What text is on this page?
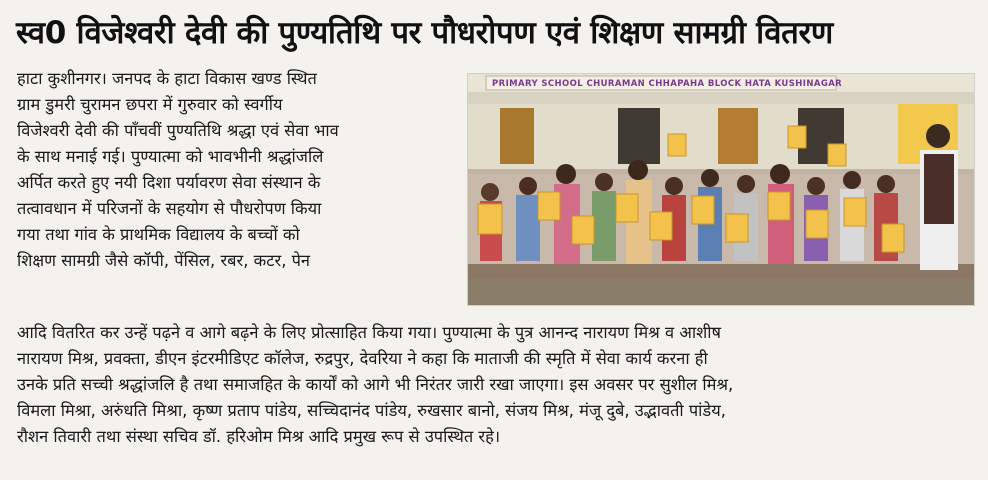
स्व0 विजेश्वरी देवी की पुण्यतिथि पर पौधरोपण एवं शिक्षण सामग्री वितरण
हाटा कुशीनगर। जनपद के हाटा विकास खण्ड स्थित
ग्राम डुमरी चुरामन छपरा में गुरुवार को स्वर्गीय
विजेश्वरी देवी की पाँचवीं पुण्यतिथि श्रद्धा एवं सेवा भाव
के साथ मनाई गई। पुण्यात्मा को भावभीनी श्रद्धांजलि
अर्पित करते हुए नयी दिशा पर्यावरण सेवा संस्थान के
तत्वावधान में परिजनों के सहयोग से पौधरोपण किया
गया तथा गांव के प्राथमिक विद्यालय के बच्चों को
शिक्षण सामग्री जैसे कॉपी, पेंसिल, रबर, कटर, पेन
PRIMARY SCHOOL CHURAMAN CHHAPAHA BLOCK HATA KUSHINAGAR
आदि वितरित कर उन्हें पढ़ने व आगे बढ़ने के लिए प्रोत्साहित किया गया। पुण्यात्मा के पुत्र आनन्द नारायण मिश्र व आशीष
नारायण मिश्र, प्रवक्ता, डीएन इंटरमीडिएट कॉलेज, रुद्रपुर, देवरिया ने कहा कि माताजी की स्मृति में सेवा कार्य करना ही
उनके प्रति सच्ची श्रद्धांजलि है तथा समाजहित के कार्यों को आगे भी निरंतर जारी रखा जाएगा। इस अवसर पर सुशील मिश्र,
विमला मिश्रा, अरुंधति मिश्रा, कृष्ण प्रताप पांडेय, सच्चिदानंद पांडेय, रुखसार बानो, संजय मिश्र, मंजू दुबे, उद्भावती पांडेय,
रौशन तिवारी तथा संस्था सचिव डॉ. हरिओम मिश्र आदि प्रमुख रूप से उपस्थित रहे।
